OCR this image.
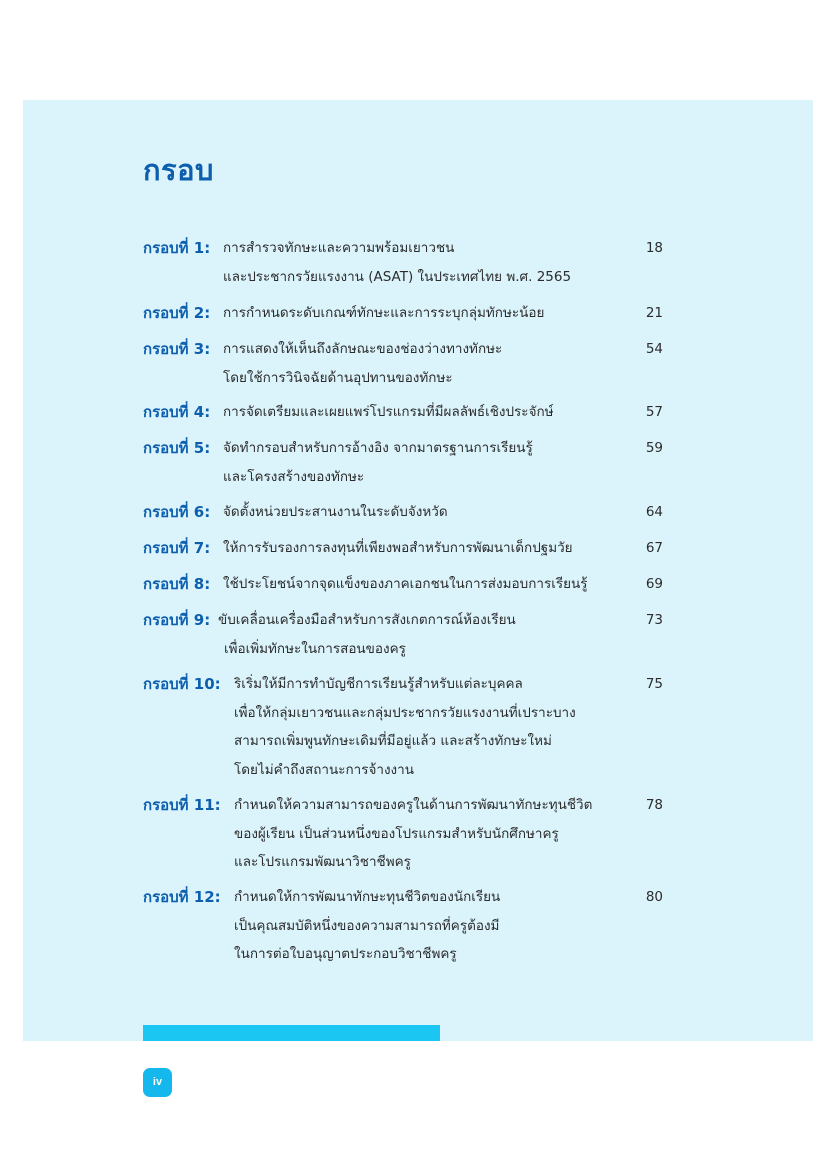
กรอบ
กรอบที่ 1: การสำรวจทักษะและความพร้อมเยาวชน
และประชากรวัยแรงงาน (ASAT) ในประเทศไทย พ.ศ. 2565
18
กรอบที่ 2: การกำหนดระดับเกณฑ์ทักษะและการระบุกลุ่มทักษะน้อย	21
กรอบที่ 3: การแสดงให้เห็นถึงลักษณะของช่องว่างทางทักษะ
โดยใช้การวินิจฉัยด้านอุปทานของทักษะ
54
กรอบที่ 4: การจัดเตรียมและเผยแพร่โปรแกรมที่มีผลลัพธ์เชิงประจักษ์	57
กรอบที่ 5: จัดทำกรอบสำหรับการอ้างอิง จากมาตรฐานการเรียนรู้
และโครงสร้างของทักษะ
59
กรอบที่ 6: จัดตั้งหน่วยประสานงานในระดับจังหวัด	64
กรอบที่ 7: ให้การรับรองการลงทุนที่เพียงพอสำหรับการพัฒนาเด็กปฐมวัย	67
กรอบที่ 8: ใช้ประโยชน์จากจุดแข็งของภาคเอกชนในการส่งมอบการเรียนรู้	69
กรอบที่ 9: ขับเคลื่อนเครื่องมือสำหรับการสังเกตการณ์ห้องเรียน
เพื่อเพิ่มทักษะในการสอนของครู
73
กรอบที่ 10: ริเริ่มให้มีการทำบัญชีการเรียนรู้สำหรับแต่ละบุคคล
เพื่อให้กลุ่มเยาวชนและกลุ่มประชากรวัยแรงงานที่เปราะบาง
สามารถเพิ่มพูนทักษะเดิมที่มีอยู่แล้ว และสร้างทักษะใหม่
โดยไม่คำถึงสถานะการจ้างงาน
75
กรอบที่ 11: กำหนดให้ความสามารถของครูในด้านการพัฒนาทักษะทุนชีวิต
ของผู้เรียน เป็นส่วนหนึ่งของโปรแกรมสำหรับนักศึกษาครู
และโปรแกรมพัฒนาวิชาชีพครู
78
กรอบที่ 12: กำหนดให้การพัฒนาทักษะทุนชีวิตของนักเรียน
เป็นคุณสมบัติหนึ่งของความสามารถที่ครูต้องมี
ในการต่อใบอนุญาตประกอบวิชาชีพครู
80
iv
